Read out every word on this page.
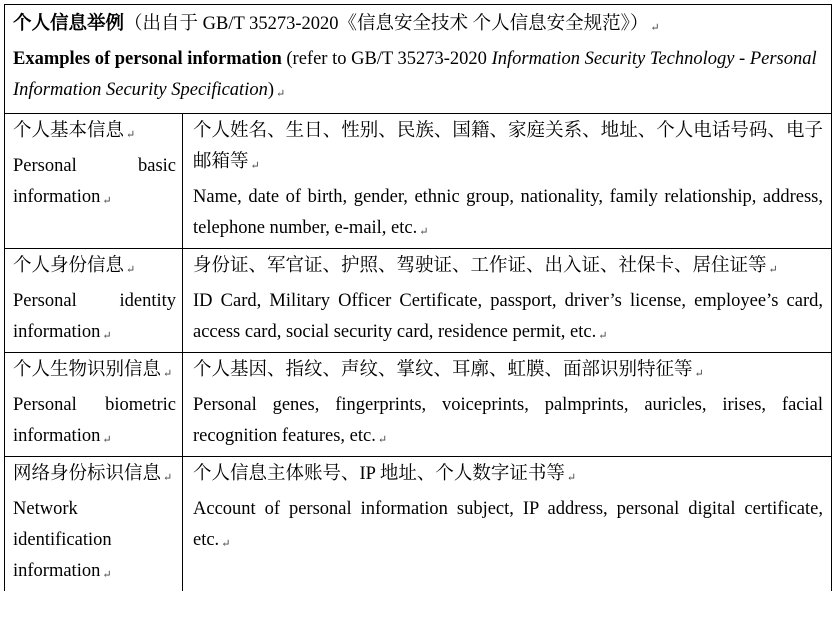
个人信息举例（出自于 GB/T 35273-2020《信息安全技术 个人信息安全规范》） ↵
Examples of personal information (refer to GB/T 35273-2020 Information Security Technology - Personal Information Security Specification) ↵
个人基本信息 ↵
Personal basic information ↵
个人姓名、生日、性别、民族、国籍、家庭关系、地址、个人电话号码、电子邮箱等 ↵
Name, date of birth, gender, ethnic group, nationality, family relationship, address, telephone number, e-mail, etc. ↵
个人身份信息 ↵
Personal identity information ↵
身份证、军官证、护照、驾驶证、工作证、出入证、社保卡、居住证等 ↵
ID Card, Military Officer Certificate, passport, driver’s license, employee’s card, access card, social security card, residence permit, etc. ↵
个人生物识别信息 ↵
Personal biometric information ↵
个人基因、指纹、声纹、掌纹、耳廓、虹膜、面部识别特征等 ↵
Personal genes, fingerprints, voiceprints, palmprints, auricles, irises, facial recognition features, etc. ↵
网络身份标识信息 ↵
Network identification information ↵
个人信息主体账号、IP 地址、个人数字证书等 ↵
Account of personal information subject, IP address, personal digital certificate, etc. ↵
